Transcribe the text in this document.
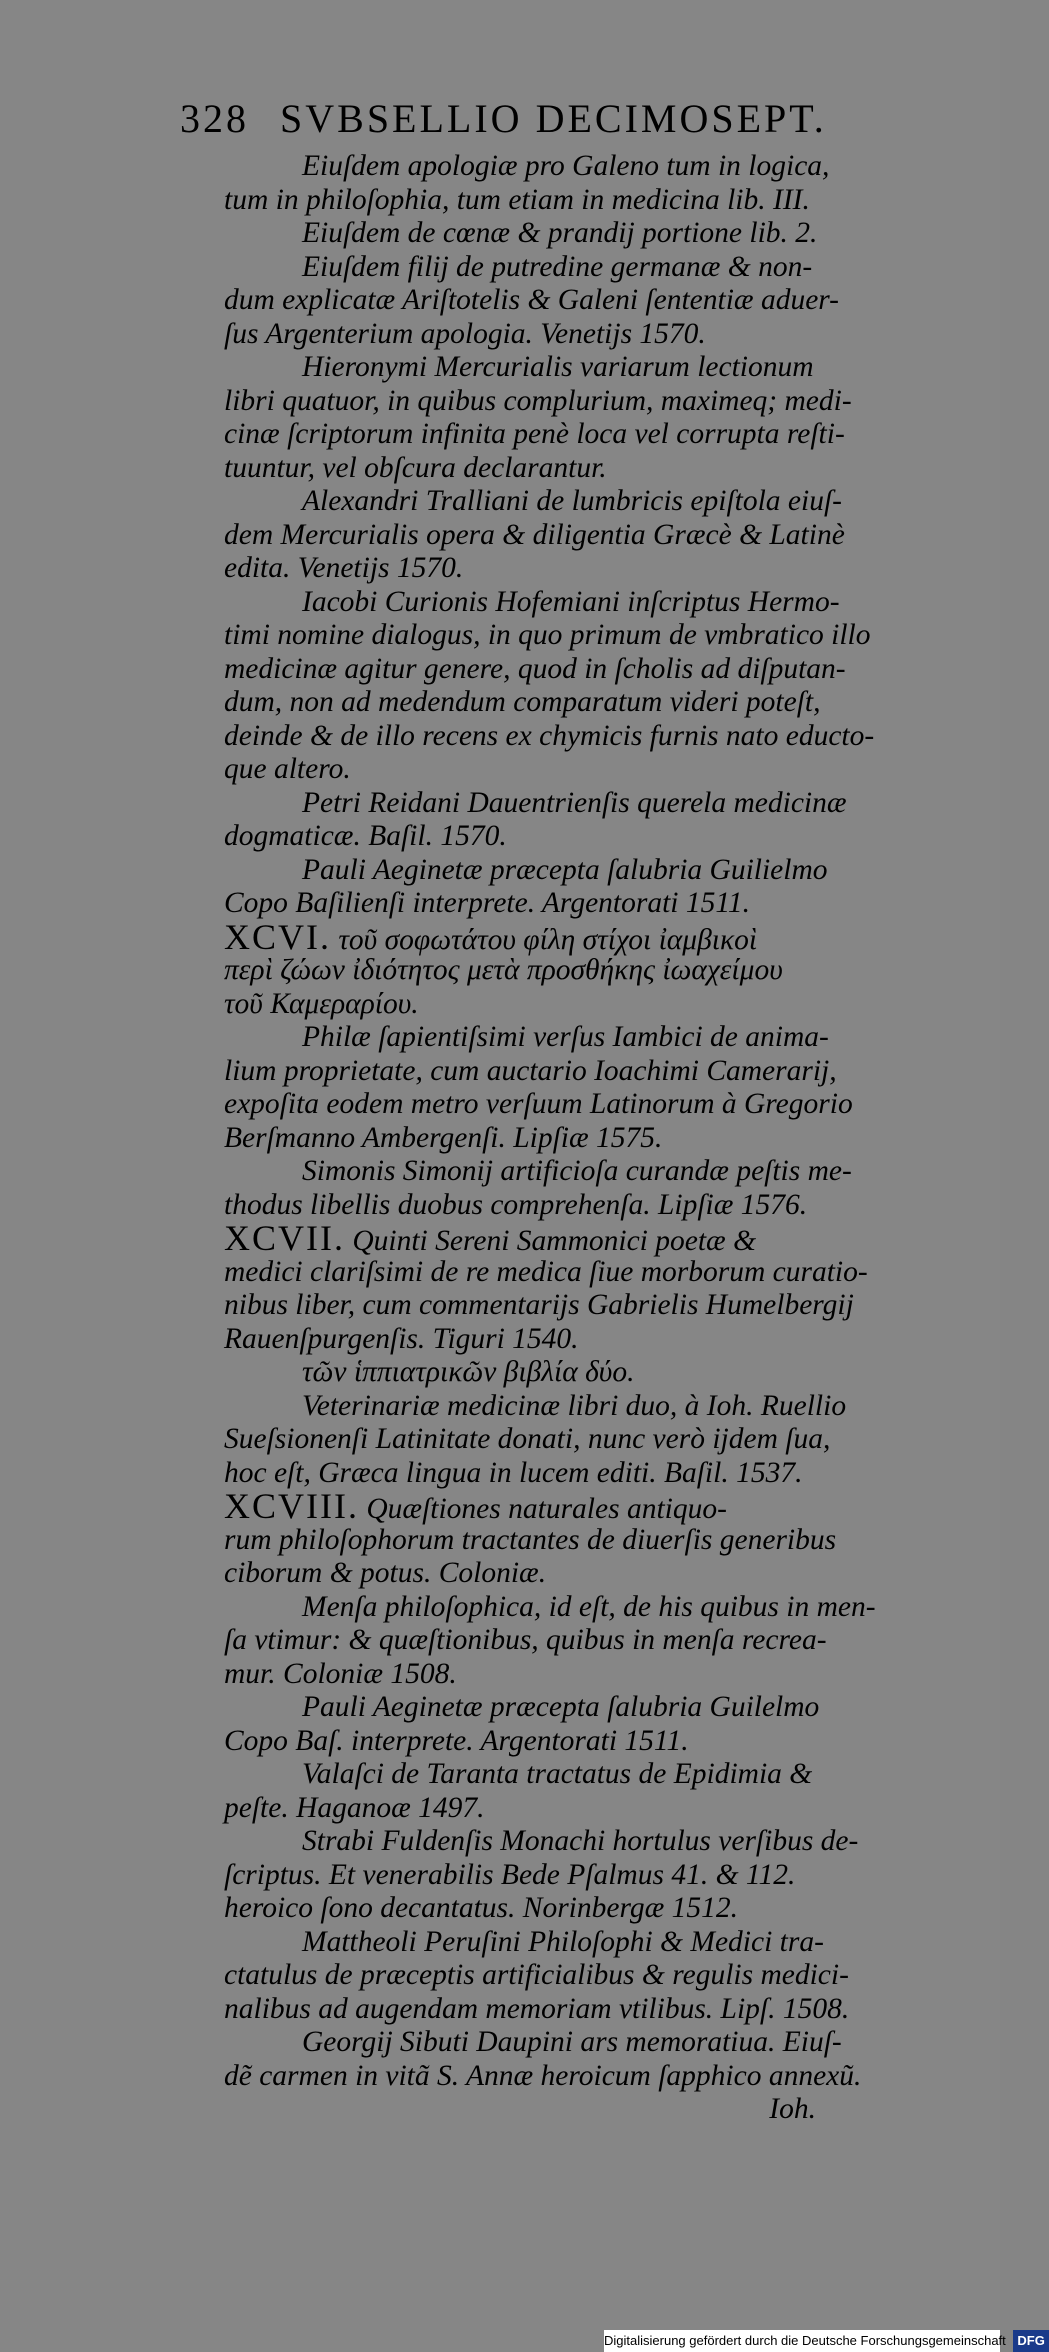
328 SVBSELLIO DECIMOSEPT.
Eiuſdem apologiæ pro Galeno tum in logica,
tum in philoſophia, tum etiam in medicina lib. III.
Eiuſdem de cœnæ & prandij portione lib. 2.
Eiuſdem filij de putredine germanæ & non-
dum explicatæ Ariſtotelis & Galeni ſententiæ aduer-
ſus Argenterium apologia. Venetijs 1570.
Hieronymi Mercurialis variarum lectionum
libri quatuor, in quibus complurium, maximeq; medi-
cinæ ſcriptorum infinita penè loca vel corrupta reſti-
tuuntur, vel obſcura declarantur.
Alexandri Tralliani de lumbricis epiſtola eiuſ-
dem Mercurialis opera & diligentia Græcè & Latinè
edita. Venetijs 1570.
Iacobi Curionis Hofemiani inſcriptus Hermo-
timi nomine dialogus, in quo primum de vmbratico illo
medicinæ agitur genere, quod in ſcholis ad diſputan-
dum, non ad medendum comparatum videri poteſt,
deinde & de illo recens ex chymicis furnis nato educto-
que altero.
Petri Reidani Dauentrienſis querela medicinæ
dogmaticæ. Baſil. 1570.
Pauli Aeginetæ præcepta ſalubria Guilielmo
Copo Baſilienſi interprete. Argentorati 1511.
XCVI. τοῦ σοφωτάτου φίλη στίχοι ἰαμβικοὶ
περὶ ζώων ἰδιότητος μετὰ προσθήκης ἰωαχείμου
τοῦ Καμεραρίου.
Philæ ſapientiſsimi verſus Iambici de anima-
lium proprietate, cum auctario Ioachimi Camerarij,
expoſita eodem metro verſuum Latinorum à Gregorio
Berſmanno Ambergenſi. Lipſiæ 1575.
Simonis Simonij artificioſa curandæ peſtis me-
thodus libellis duobus comprehenſa. Lipſiæ 1576.
XCVII. Quinti Sereni Sammonici poetæ &
medici clariſsimi de re medica ſiue morborum curatio-
nibus liber, cum commentarijs Gabrielis Humelbergij
Rauenſpurgenſis. Tiguri 1540.
τῶν ἱππιατρικῶν βιβλία δύο.
Veterinariæ medicinæ libri duo, à Ioh. Ruellio
Sueſsionenſi Latinitate donati, nunc verò ijdem ſua,
hoc eſt, Græca lingua in lucem editi. Baſil. 1537.
XCVIII. Quæſtiones naturales antiquo-
rum philoſophorum tractantes de diuerſis generibus
ciborum & potus. Coloniæ.
Menſa philoſophica, id eſt, de his quibus in men-
ſa vtimur: & quæſtionibus, quibus in menſa recrea-
mur. Coloniæ 1508.
Pauli Aeginetæ præcepta ſalubria Guilelmo
Copo Baſ. interprete. Argentorati 1511.
Valaſci de Taranta tractatus de Epidimia &
peſte. Haganoæ 1497.
Strabi Fuldenſis Monachi hortulus verſibus de-
ſcriptus. Et venerabilis Bede Pſalmus 41. & 112.
heroico ſono decantatus. Norinbergæ 1512.
Mattheoli Peruſini Philoſophi & Medici tra-
ctatulus de præceptis artificialibus & regulis medici-
nalibus ad augendam memoriam vtilibus. Lipſ. 1508.
Georgij Sibuti Daupini ars memoratiua. Eiuſ-
dẽ carmen in vitã S. Annæ heroicum ſapphico annexũ.
Ioh.
Digitalisierung gefördert durch die Deutsche Forschungsgemeinschaft DFG
